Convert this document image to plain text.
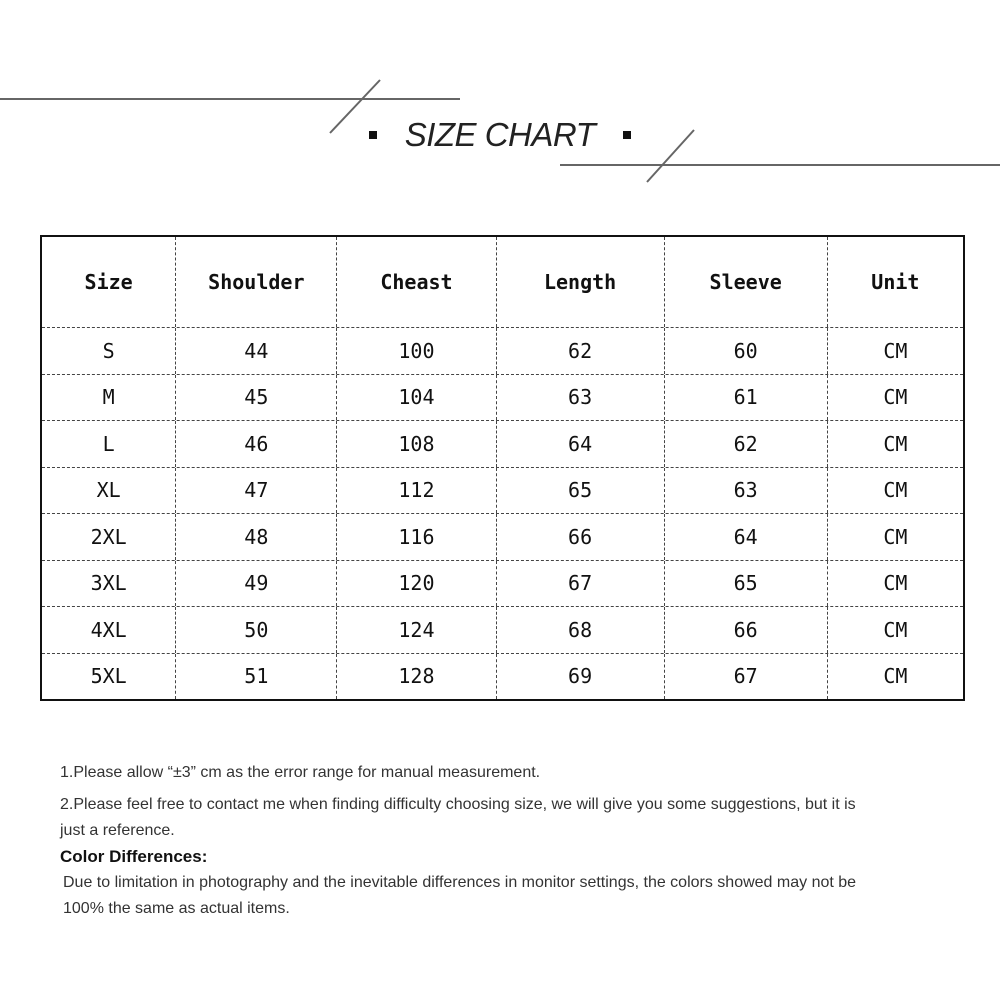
SIZE CHART
Size	Shoulder	Cheast	Length	Sleeve	Unit
S	44	100	62	60	CM
M	45	104	63	61	CM
L	46	108	64	62	CM
XL	47	112	65	63	CM
2XL	48	116	66	64	CM
3XL	49	120	67	65	CM
4XL	50	124	68	66	CM
5XL	51	128	69	67	CM

1.Please allow “±3” cm as the error range for manual measurement.

2.Please feel free to contact me when finding difficulty choosing size, we will give you some suggestions, but it is

just a reference.

Color Differences:

Due to limitation in photography and the inevitable differences in monitor settings, the colors showed may not be

100% the same as actual items.
